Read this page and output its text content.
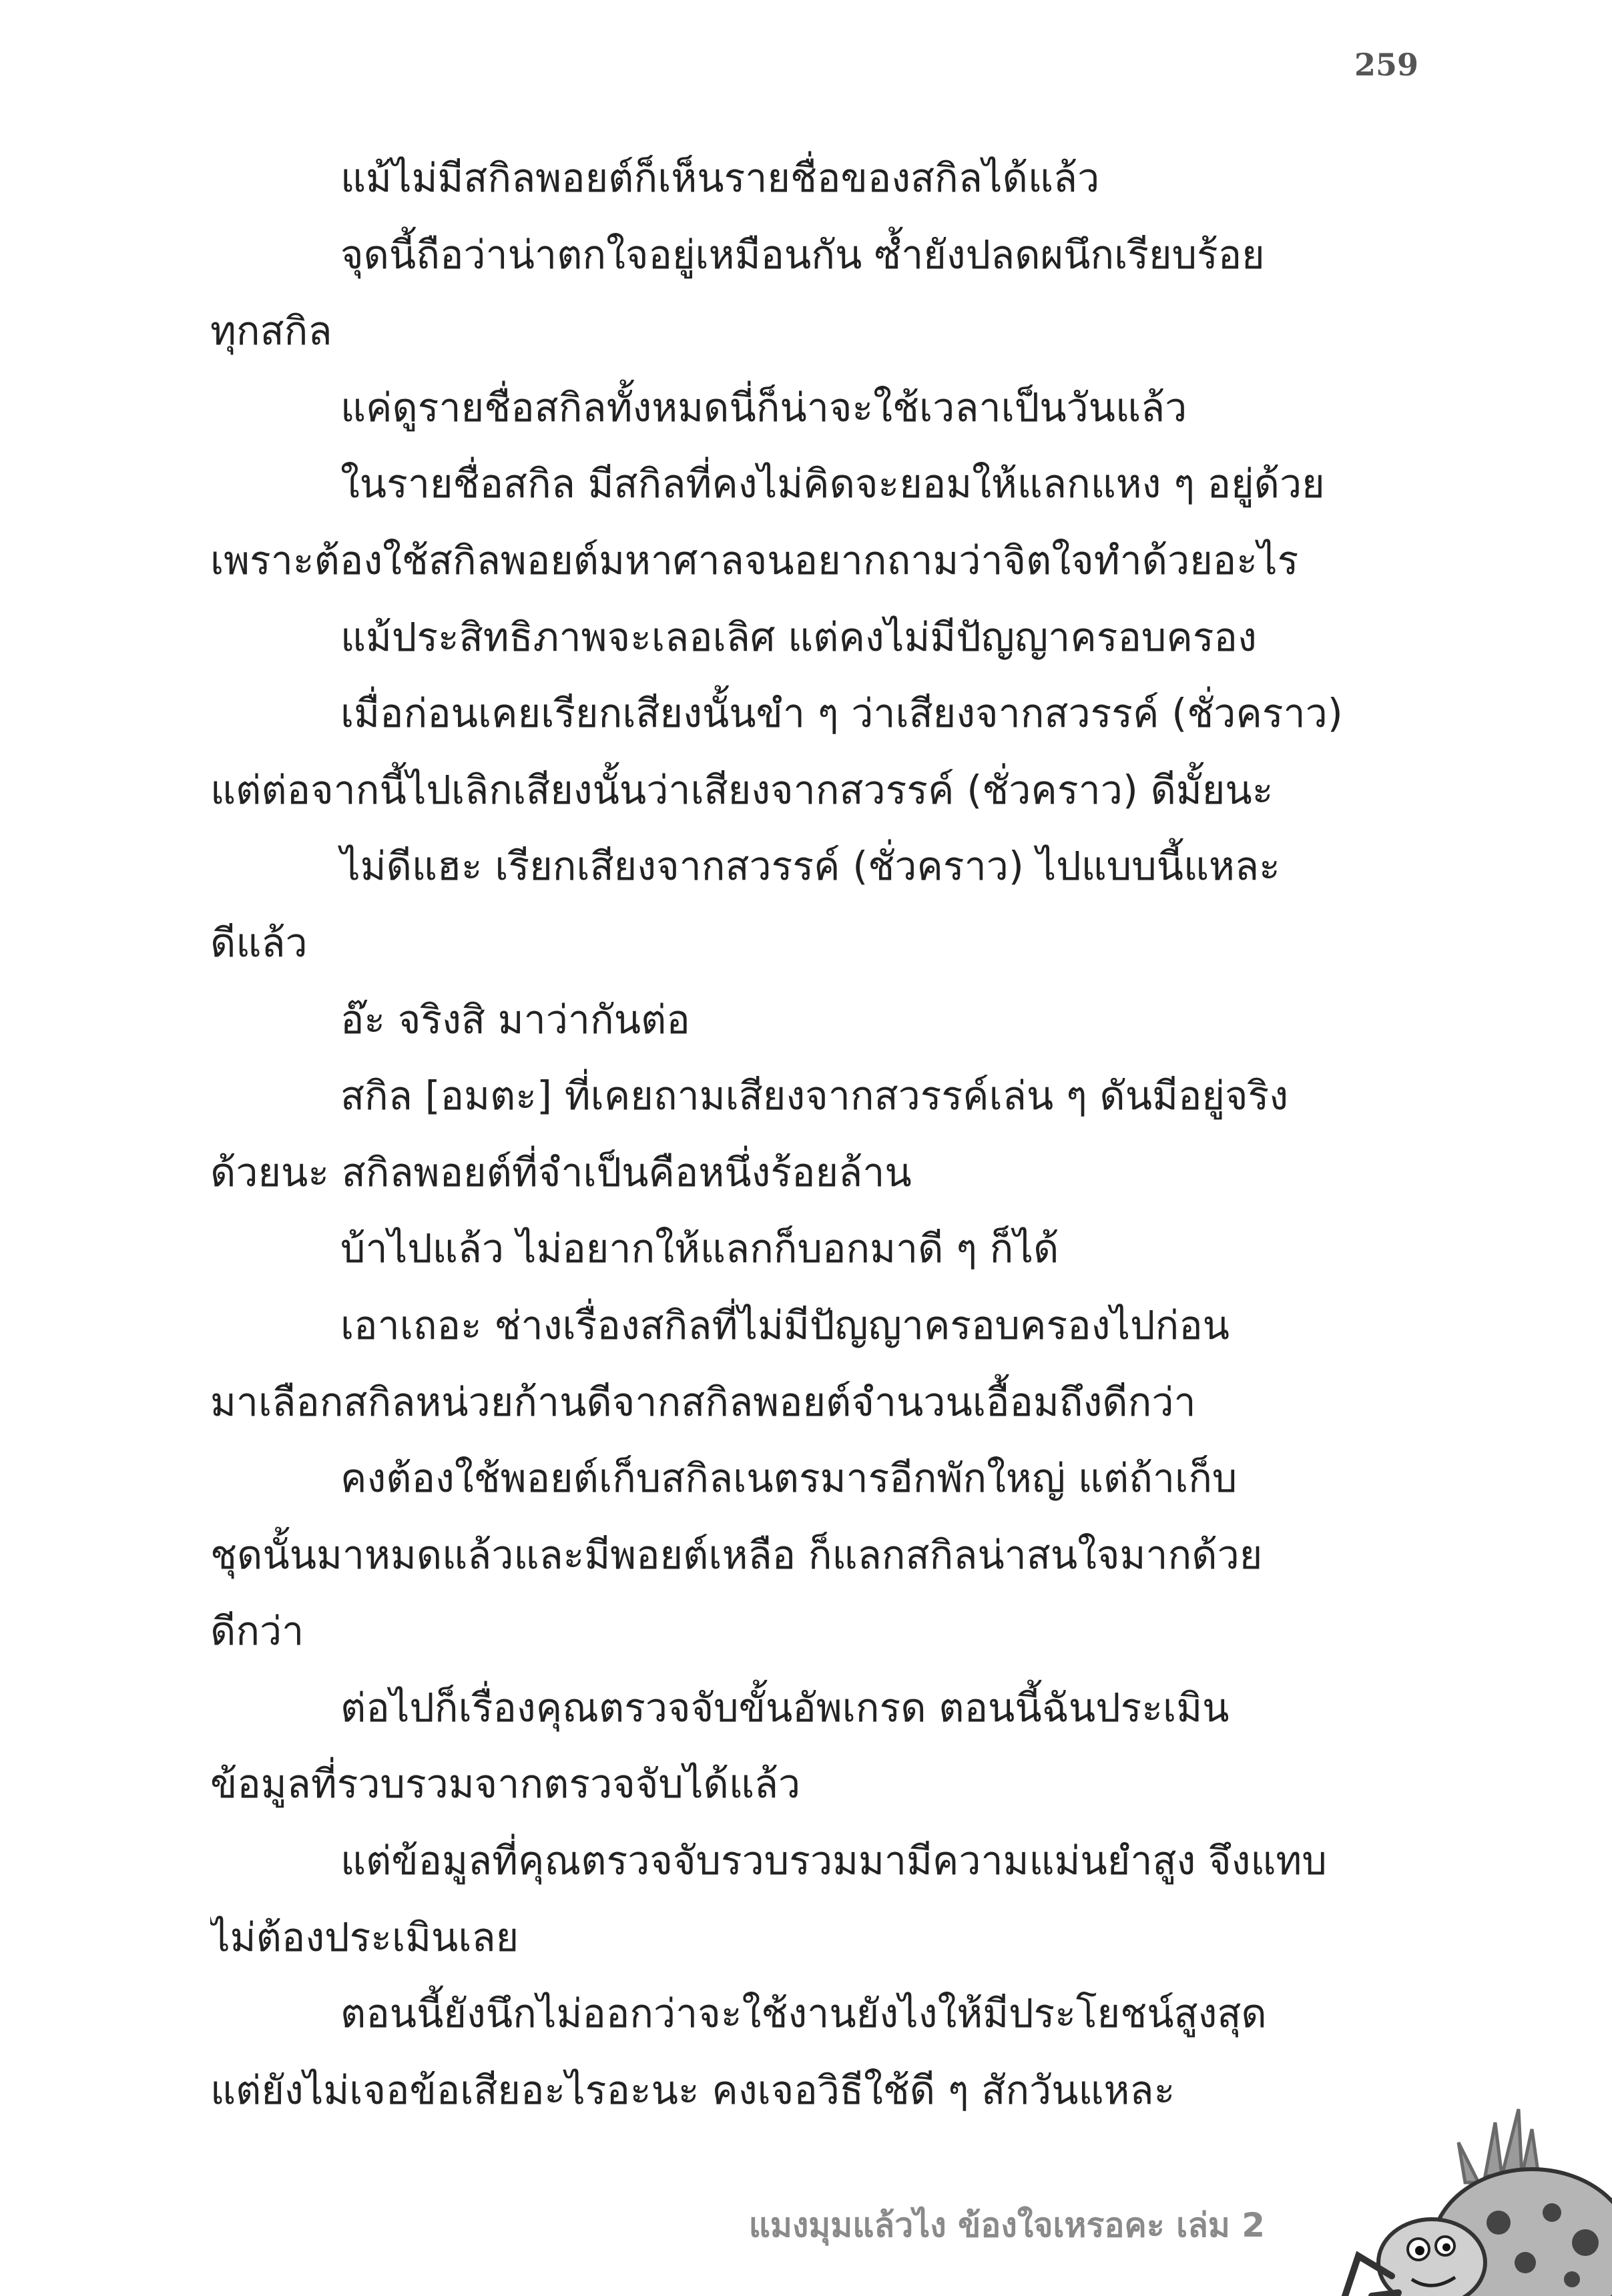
259
แม้ไม่มีสกิลพอยต์ก็เห็นรายชื่อของสกิลได้แล้ว
จุดนี้ถือว่าน่าตกใจอยู่เหมือนกัน ซ้ำยังปลดผนึกเรียบร้อย
ทุกสกิล
แค่ดูรายชื่อสกิลทั้งหมดนี่ก็น่าจะใช้เวลาเป็นวันแล้ว
ในรายชื่อสกิล มีสกิลที่คงไม่คิดจะยอมให้แลกแหง ๆ อยู่ด้วย
เพราะต้องใช้สกิลพอยต์มหาศาลจนอยากถามว่าจิตใจทำด้วยอะไร
แม้ประสิทธิภาพจะเลอเลิศ แต่คงไม่มีปัญญาครอบครอง
เมื่อก่อนเคยเรียกเสียงนั้นขำ ๆ ว่าเสียงจากสวรรค์ (ชั่วคราว)
แต่ต่อจากนี้ไปเลิกเสียงนั้นว่าเสียงจากสวรรค์ (ชั่วคราว) ดีมั้ยนะ
ไม่ดีแฮะ เรียกเสียงจากสวรรค์ (ชั่วคราว) ไปแบบนี้แหละ
ดีแล้ว
อ๊ะ จริงสิ มาว่ากันต่อ
สกิล [อมตะ] ที่เคยถามเสียงจากสวรรค์เล่น ๆ ดันมีอยู่จริง
ด้วยนะ สกิลพอยต์ที่จำเป็นคือหนึ่งร้อยล้าน
บ้าไปแล้ว ไม่อยากให้แลกก็บอกมาดี ๆ ก็ได้
เอาเถอะ ช่างเรื่องสกิลที่ไม่มีปัญญาครอบครองไปก่อน
มาเลือกสกิลหน่วยก้านดีจากสกิลพอยต์จำนวนเอื้อมถึงดีกว่า
คงต้องใช้พอยต์เก็บสกิลเนตรมารอีกพักใหญ่ แต่ถ้าเก็บ
ชุดนั้นมาหมดแล้วและมีพอยต์เหลือ ก็แลกสกิลน่าสนใจมากด้วย
ดีกว่า
ต่อไปก็เรื่องคุณตรวจจับขั้นอัพเกรด ตอนนี้ฉันประเมิน
ข้อมูลที่รวบรวมจากตรวจจับได้แล้ว
แต่ข้อมูลที่คุณตรวจจับรวบรวมมามีความแม่นยำสูง จึงแทบ
ไม่ต้องประเมินเลย
ตอนนี้ยังนึกไม่ออกว่าจะใช้งานยังไงให้มีประโยชน์สูงสุด
แต่ยังไม่เจอข้อเสียอะไรอะนะ คงเจอวิธีใช้ดี ๆ สักวันแหละ
แมงมุมแล้วไง ข้องใจเหรอคะ เล่ม 2
